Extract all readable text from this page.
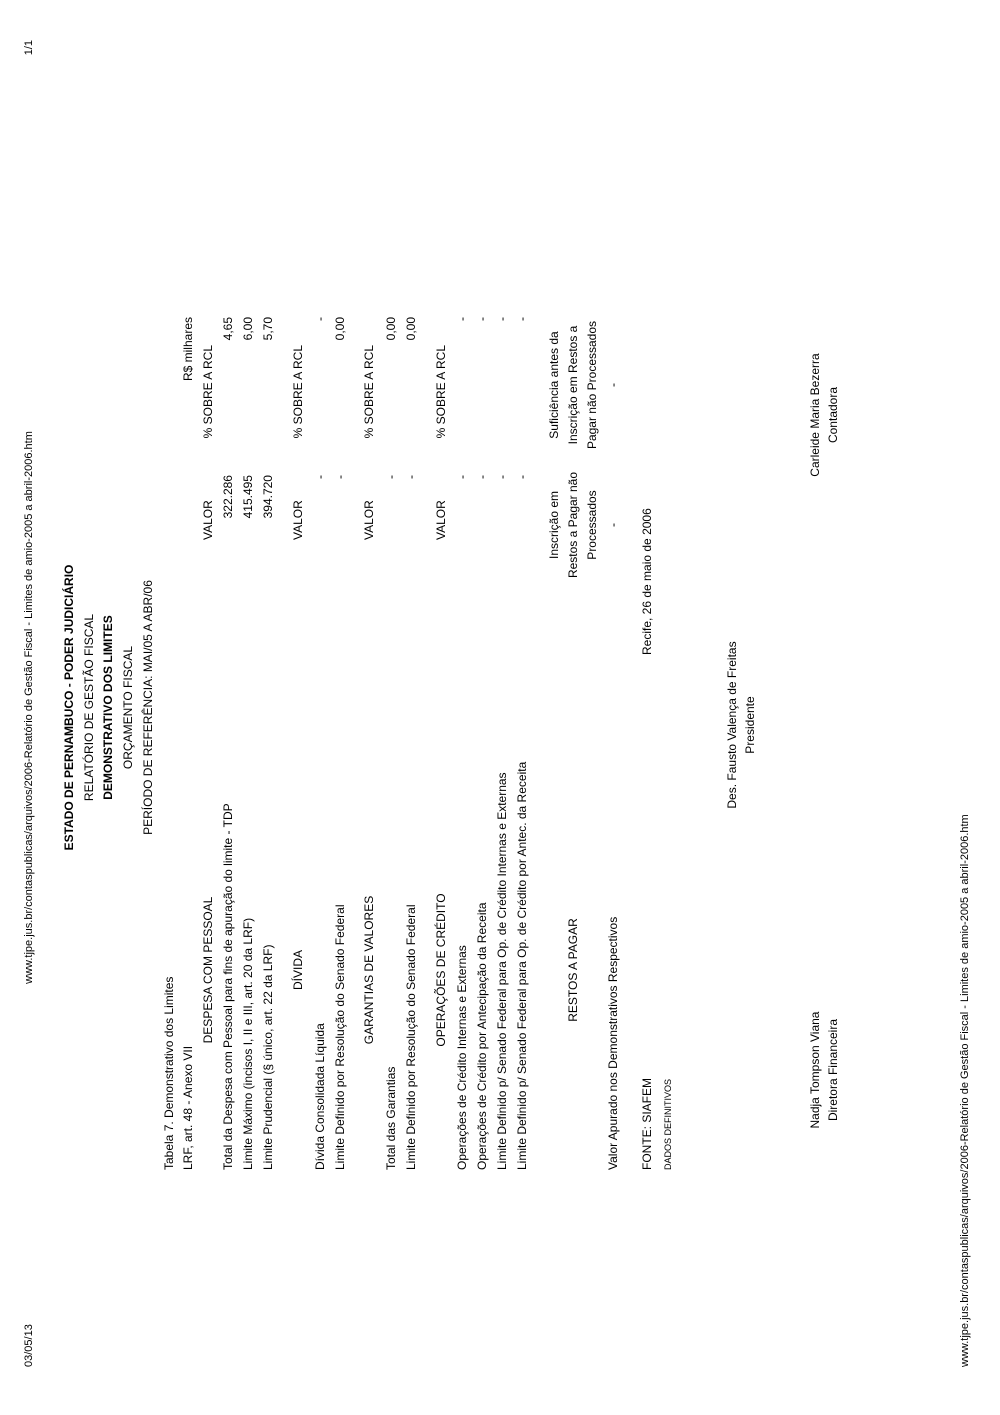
03/05/13
www.tjpe.jus.br/contaspublicas/arquivos/2006-Relatório de Gestão Fiscal - Limites de amio-2005 a abril-2006.htm
1/1
www.tjpe.jus.br/contaspublicas/arquivos/2006-Relatório de Gestão Fiscal - Limites de amio-2005 a abril-2006.htm
ESTADO DE PERNAMBUCO - PODER JUDICIÁRIO RELATÓRIO DE GESTÃO FISCAL DEMONSTRATIVO DOS LIMITES ORÇAMENTO FISCAL PERÍODO DE REFERÊNCIA: MAI/05 A ABR/06
Tabela 7. Demonstrativo dos Limites LRF, art. 48 - Anexo VII
R$ milhares
DESPESA COM PESSOAL
VALOR
% SOBRE A RCL
Total da Despesa com Pessoal para fins de apuração do limite - TDP
322.286
4,65
Limite Máximo (incisos I, II e III, art. 20 da LRF)
415.495
6,00
Limite Prudencial (§ único, art. 22 da LRF)
394.720
5,70
DÍVIDA
VALOR
% SOBRE A RCL
Dívida Consolidada Líquida
-
-
Limite Definido por Resolução do Senado Federal
-
0,00
GARANTIAS DE VALORES
VALOR
% SOBRE A RCL
Total das Garantias
-
0,00
Limite Definido por Resolução do Senado Federal
-
0,00
OPERAÇÕES DE CRÉDITO
VALOR
% SOBRE A RCL
Operações de Crédito Internas e Externas
-
-
Operações de Crédito por Antecipação da Receita
-
-
Limite Definido p/ Senado Federal para Op. de Crédito Internas e Externas
-
-
Limite Definido p/ Senado Federal para Op. de Crédito por Antec. da Receita
-
-
Inscrição em Restos a Pagar não Processados
Suficiência antes da Inscrição em Restos a Pagar não Processados
RESTOS A PAGAR Valor Apurado nos Demonstrativos Respectivos
-
-
FONTE: SIAFEM
Recife, 26 de maio de 2006
DADOS DEFINITIVOS
Des. Fausto Valença de Freitas Presidente
Nadja Tompson Viana Diretora Financeira
Carleide Maria Bezerra Contadora
